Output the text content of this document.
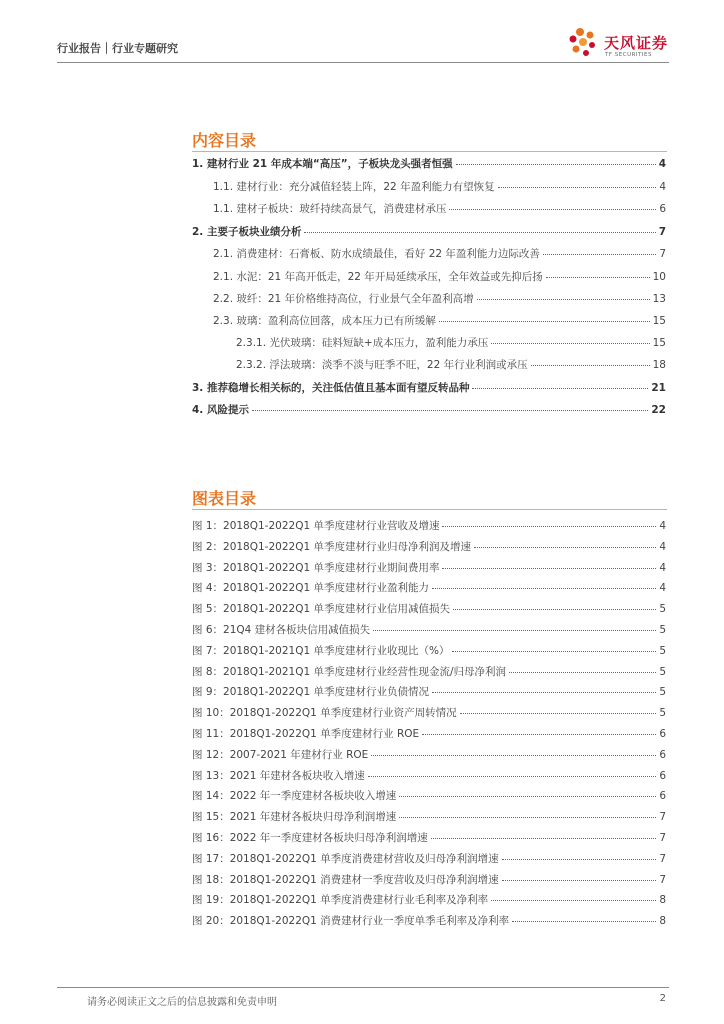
行业报告｜行业专题研究	天风证券
TF SECURITIES
内容目录
1. 建材行业 21 年成本端“高压”，子板块龙头强者恒强	4
1.1. 建材行业：充分减值轻装上阵，22 年盈利能力有望恢复	4
1.1. 建材子板块：玻纤持续高景气，消费建材承压	6
2. 主要子板块业绩分析	7
2.1. 消费建材：石膏板、防水成绩最佳，看好 22 年盈利能力边际改善	7
2.1. 水泥：21 年高开低走，22 年开局延续承压，全年效益或先抑后扬	10
2.2. 玻纤：21 年价格维持高位，行业景气全年盈利高增	13
2.3. 玻璃：盈利高位回落，成本压力已有所缓解	15
2.3.1. 光伏玻璃：硅料短缺+成本压力，盈利能力承压	15
2.3.2. 浮法玻璃：淡季不淡与旺季不旺，22 年行业利润或承压	18
3. 推荐稳增长相关标的，关注低估值且基本面有望反转品种	21
4. 风险提示	22
图表目录
图 1：2018Q1-2022Q1 单季度建材行业营收及增速	4
图 2：2018Q1-2022Q1 单季度建材行业归母净利润及增速	4
图 3：2018Q1-2022Q1 单季度建材行业期间费用率	4
图 4：2018Q1-2022Q1 单季度建材行业盈利能力	4
图 5：2018Q1-2022Q1 单季度建材行业信用减值损失	5
图 6：21Q4 建材各板块信用减值损失	5
图 7：2018Q1-2021Q1 单季度建材行业收现比（%）	5
图 8：2018Q1-2021Q1 单季度建材行业经营性现金流/归母净利润	5
图 9：2018Q1-2022Q1 单季度建材行业负债情况	5
图 10：2018Q1-2022Q1 单季度建材行业资产周转情况	5
图 11：2018Q1-2022Q1 单季度建材行业 ROE	6
图 12：2007-2021 年建材行业 ROE	6
图 13：2021 年建材各板块收入增速	6
图 14：2022 年一季度建材各板块收入增速	6
图 15：2021 年建材各板块归母净利润增速	7
图 16：2022 年一季度建材各板块归母净利润增速	7
图 17：2018Q1-2022Q1 单季度消费建材营收及归母净利润增速	7
图 18：2018Q1-2022Q1 消费建材一季度营收及归母净利润增速	7
图 19：2018Q1-2022Q1 单季度消费建材行业毛利率及净利率	8
图 20：2018Q1-2022Q1 消费建材行业一季度单季毛利率及净利率	8
请务必阅读正文之后的信息披露和免责申明	2
